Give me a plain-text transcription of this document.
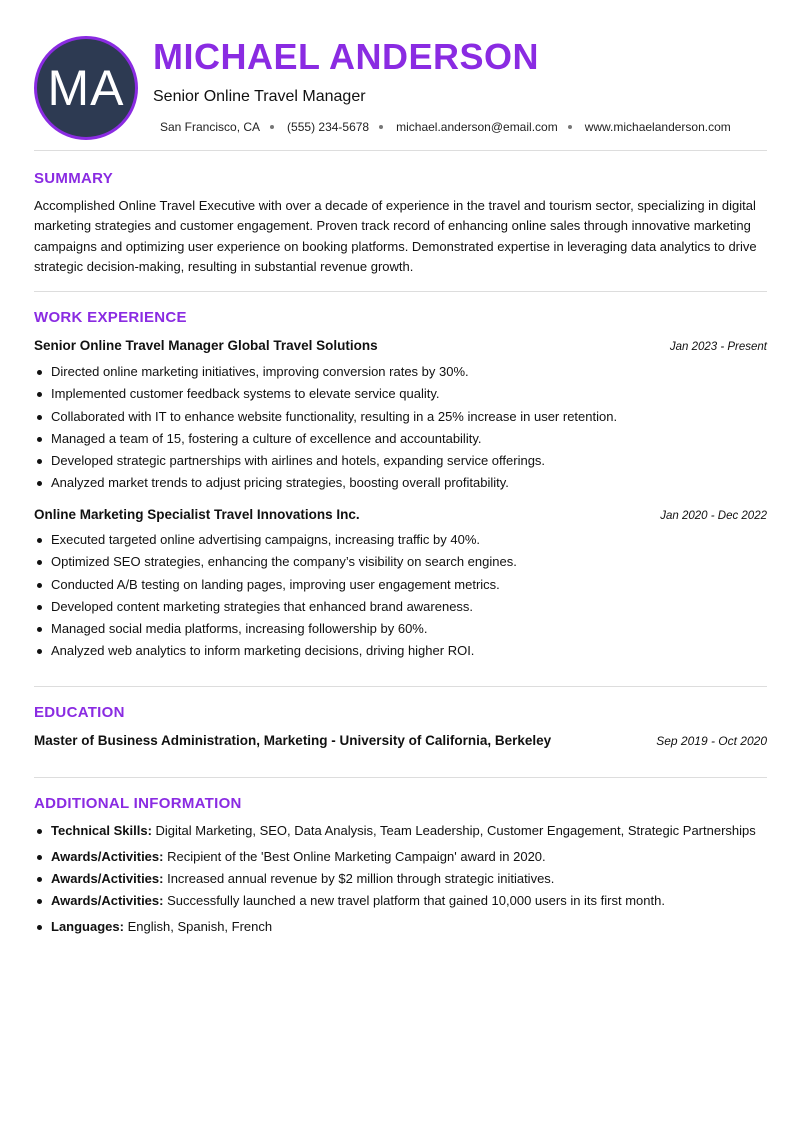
MA
MICHAEL ANDERSON
Senior Online Travel Manager
San Francisco, CA (555) 234-5678 michael.anderson@email.com www.michaelanderson.com
SUMMARY

Accomplished Online Travel Executive with over a decade of experience in the travel and tourism sector, specializing in digital marketing strategies and customer engagement. Proven track record of enhancing online sales through innovative marketing campaigns and optimizing user experience on booking platforms. Demonstrated expertise in leveraging data analytics to drive strategic decision-making, resulting in substantial revenue growth.

WORK EXPERIENCE
Senior Online Travel Manager Global Travel Solutions	Jan 2023 - Present
Directed online marketing initiatives, improving conversion rates by 30%.
Implemented customer feedback systems to elevate service quality.
Collaborated with IT to enhance website functionality, resulting in a 25% increase in user retention.
Managed a team of 15, fostering a culture of excellence and accountability.
Developed strategic partnerships with airlines and hotels, expanding service offerings.
Analyzed market trends to adjust pricing strategies, boosting overall profitability.
Online Marketing Specialist Travel Innovations Inc.	Jan 2020 - Dec 2022
Executed targeted online advertising campaigns, increasing traffic by 40%.
Optimized SEO strategies, enhancing the company’s visibility on search engines.
Conducted A/B testing on landing pages, improving user engagement metrics.
Developed content marketing strategies that enhanced brand awareness.
Managed social media platforms, increasing followership by 60%.
Analyzed web analytics to inform marketing decisions, driving higher ROI.
EDUCATION
Master of Business Administration, Marketing - University of California, Berkeley	Sep 2019 - Oct 2020
ADDITIONAL INFORMATION
Technical Skills: Digital Marketing, SEO, Data Analysis, Team Leadership, Customer Engagement, Strategic Partnerships
Awards/Activities: Recipient of the 'Best Online Marketing Campaign' award in 2020.
Awards/Activities: Increased annual revenue by $2 million through strategic initiatives.
Awards/Activities: Successfully launched a new travel platform that gained 10,000 users in its first month.
Languages: English, Spanish, French
